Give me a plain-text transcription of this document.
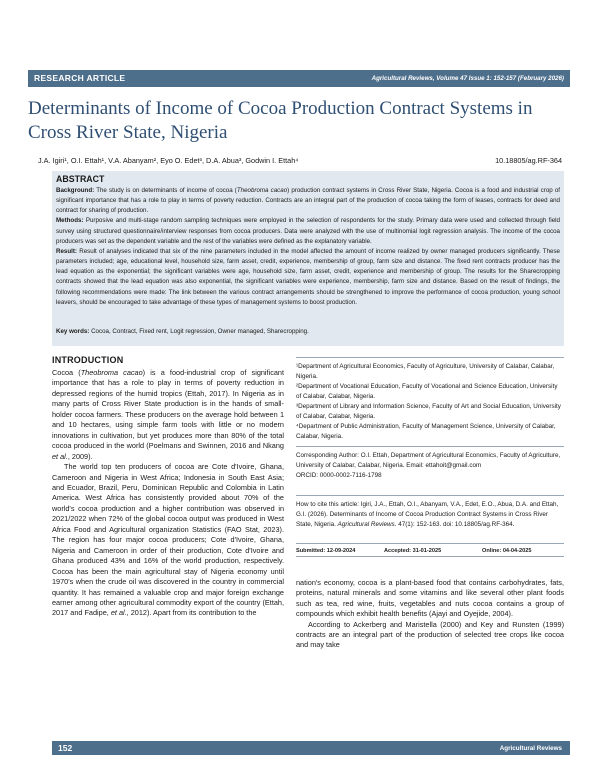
RESEARCH ARTICLE	Agricultural Reviews, Volume 47 Issue 1: 152-157 (February 2026)
Determinants of Income of Cocoa Production Contract Systems in Cross River State, Nigeria
J.A. Igiri¹, O.I. Ettah¹, V.A. Abanyam², Eyo O. Edet³, D.A. Abua³, Godwin I. Ettah⁴	10.18805/ag.RF-364
ABSTRACT

Background: The study is on determinants of income of cocoa (Theobroma cacao) production contract systems in Cross River State, Nigeria. Cocoa is a food and industrial crop of significant importance that has a role to play in terms of poverty reduction. Contracts are an integral part of the production of cocoa taking the form of leases, contracts for deed and contract for sharing of production.

Methods: Purposive and multi-stage random sampling techniques were employed in the selection of respondents for the study. Primary data were used and collected through field survey using structured questionnaire/interview responses from cocoa producers. Data were analyzed with the use of multinomial logit regression analysis. The income of the cocoa producers was set as the dependent variable and the rest of the variables were defined as the explanatory variable.

Result: Result of analyses indicated that six of the nine parameters included in the model affected the amount of income realized by owner managed producers significantly. These parameters included; age, educational level, household size, farm asset, credit, experience, membership of group, farm size and distance. The fixed rent contracts producer has the lead equation as the exponential; the significant variables were age, household size, farm asset, credit, experience and membership of group. The results for the Sharecropping contracts showed that the lead equation was also exponential, the significant variables were experience, membership, farm size and distance. Based on the result of findings, the following recommendations were made: The link between the various contract arrangements should be strengthened to improve the performance of cocoa production, young school leavers, should be encouraged to take advantage of these types of management systems to boost production.

Key words: Cocoa, Contract, Fixed rent, Logit regression, Owner managed, Sharecropping.
INTRODUCTION

Cocoa (Theobroma cacao) is a food-industrial crop of significant importance that has a role to play in terms of poverty reduction in depressed regions of the humid tropics (Ettah, 2017). In Nigeria as in many parts of Cross River State production is in the hands of small-holder cocoa farmers. These producers on the average hold between 1 and 10 hectares, using simple farm tools with little or no modern innovations in cultivation, but yet produces more than 80% of the total cocoa produced in the world (Poelmans and Swinnen, 2016 and Nkang et al., 2009).

The world top ten producers of cocoa are Cote d'Ivoire, Ghana, Cameroon and Nigeria in West Africa; Indonesia in South East Asia; and Ecuador, Brazil, Peru, Dominican Republic and Colombia in Latin America. West Africa has consistently provided about 70% of the world's cocoa production and a higher contribution was observed in 2021/2022 when 72% of the global cocoa output was produced in West Africa Food and Agricultural organization Statistics (FAO Stat, 2023). The region has four major cocoa producers; Cote d'Ivoire, Ghana, Nigeria and Cameroon in order of their production, Cote d'Ivoire and Ghana produced 43% and 16% of the world production, respectively. Cocoa has been the main agricultural stay of Nigeria economy until 1970's when the crude oil was discovered in the country in commercial quantity. It has remained a valuable crop and major foreign exchange earner among other agricultural commodity export of the country (Ettah, 2017 and Fadipe, et al., 2012). Apart from its contribution to the

¹Department of Agricultural Economics, Faculty of Agriculture, University of Calabar, Calabar, Nigeria.

²Department of Vocational Education, Faculty of Vocational and Science Education, University of Calabar, Calabar, Nigeria.

³Department of Library and Information Science, Faculty of Art and Social Education, University of Calabar, Calabar, Nigeria.

⁴Department of Public Administration, Faculty of Management Science, University of Calabar, Calabar, Nigeria.

Corresponding Author: O.I. Ettah, Department of Agricultural Economics, Faculty of Agriculture, University of Calabar, Calabar, Nigeria. Email: ettahoit@gmail.com

ORCID: 0000-0002-7116-1798

How to cite this article: Igiri, J.A., Ettah, O.I., Abanyam, V.A., Edet, E.O., Abua, D.A. and Ettah, G.I. (2026). Determinants of Income of Cocoa Production Contract Systems in Cross River State, Nigeria. Agricultural Reviews. 47(1): 152-163. doi: 10.18805/ag.RF-364.
Submitted: 12-09-2024	Accepted: 31-01-2025	Online: 04-04-2025

nation's economy, cocoa is a plant-based food that contains carbohydrates, fats, proteins, natural minerals and some vitamins and like several other plant foods such as tea, red wine, fruits, vegetables and nuts cocoa contains a group of compounds which exhibit health benefits (Ajayi and Oyejide, 2004).

According to Ackerberg and Maristella (2000) and Key and Runsten (1999) contracts are an integral part of the production of selected tree crops like cocoa and may take

152	Agricultural Reviews
